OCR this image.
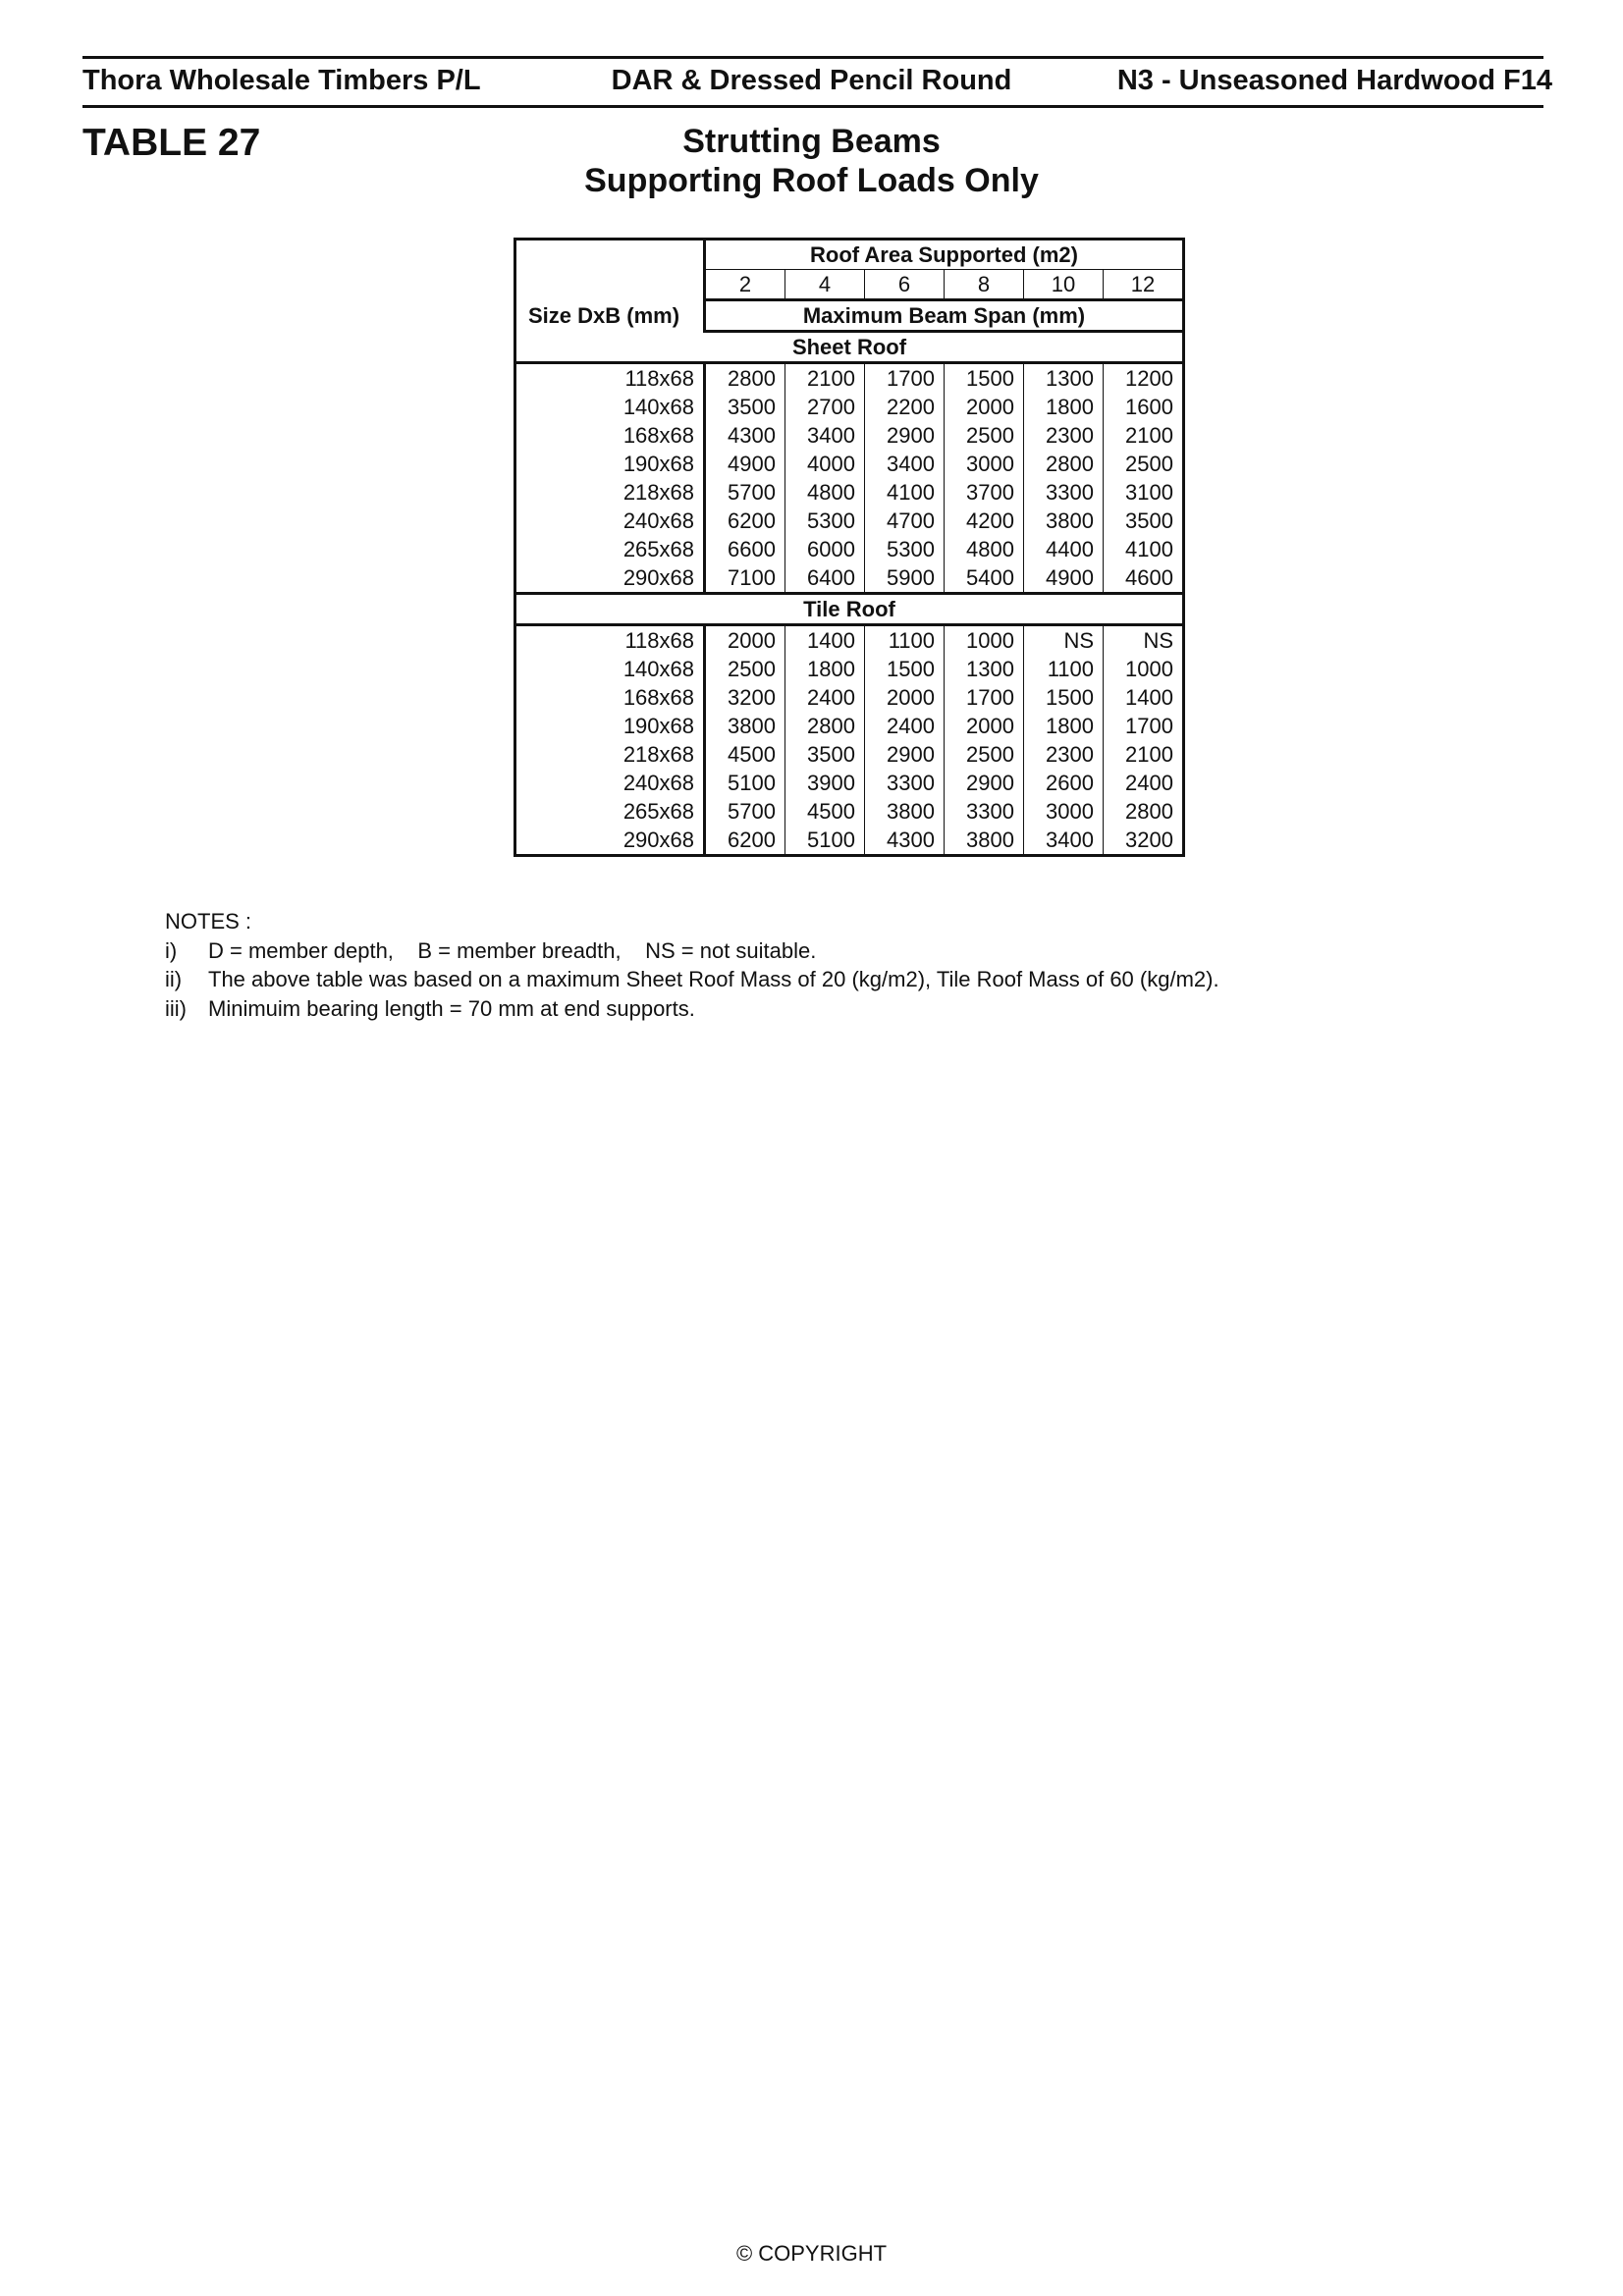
Thora Wholesale Timbers P/L	DAR & Dressed Pencil Round	N3 - Unseasoned Hardwood F14
TABLE 27	Strutting Beams
Supporting Roof Loads Only
	Roof Area Supported (m2)					
	2	4	6	8	10	12
Size DxB (mm)	Maximum Beam Span (mm)					
Sheet Roof						
118x68	2800	2100	1700	1500	1300	1200
140x68	3500	2700	2200	2000	1800	1600
168x68	4300	3400	2900	2500	2300	2100
190x68	4900	4000	3400	3000	2800	2500
218x68	5700	4800	4100	3700	3300	3100
240x68	6200	5300	4700	4200	3800	3500
265x68	6600	6000	5300	4800	4400	4100
290x68	7100	6400	5900	5400	4900	4600
Tile Roof						
118x68	2000	1400	1100	1000	NS	NS
140x68	2500	1800	1500	1300	1100	1000
168x68	3200	2400	2000	1700	1500	1400
190x68	3800	2800	2400	2000	1800	1700
218x68	4500	3500	2900	2500	2300	2100
240x68	5100	3900	3300	2900	2600	2400
265x68	5700	4500	3800	3300	3000	2800
290x68	6200	5100	4300	3800	3400	3200
NOTES :
i)	D = member depth,    B = member breadth,    NS = not suitable.
ii)	The above table was based on a maximum Sheet Roof Mass of 20 (kg/m2), Tile Roof Mass of 60 (kg/m2).
iii)	Minimuim bearing length = 70 mm at end supports.
© COPYRIGHT
